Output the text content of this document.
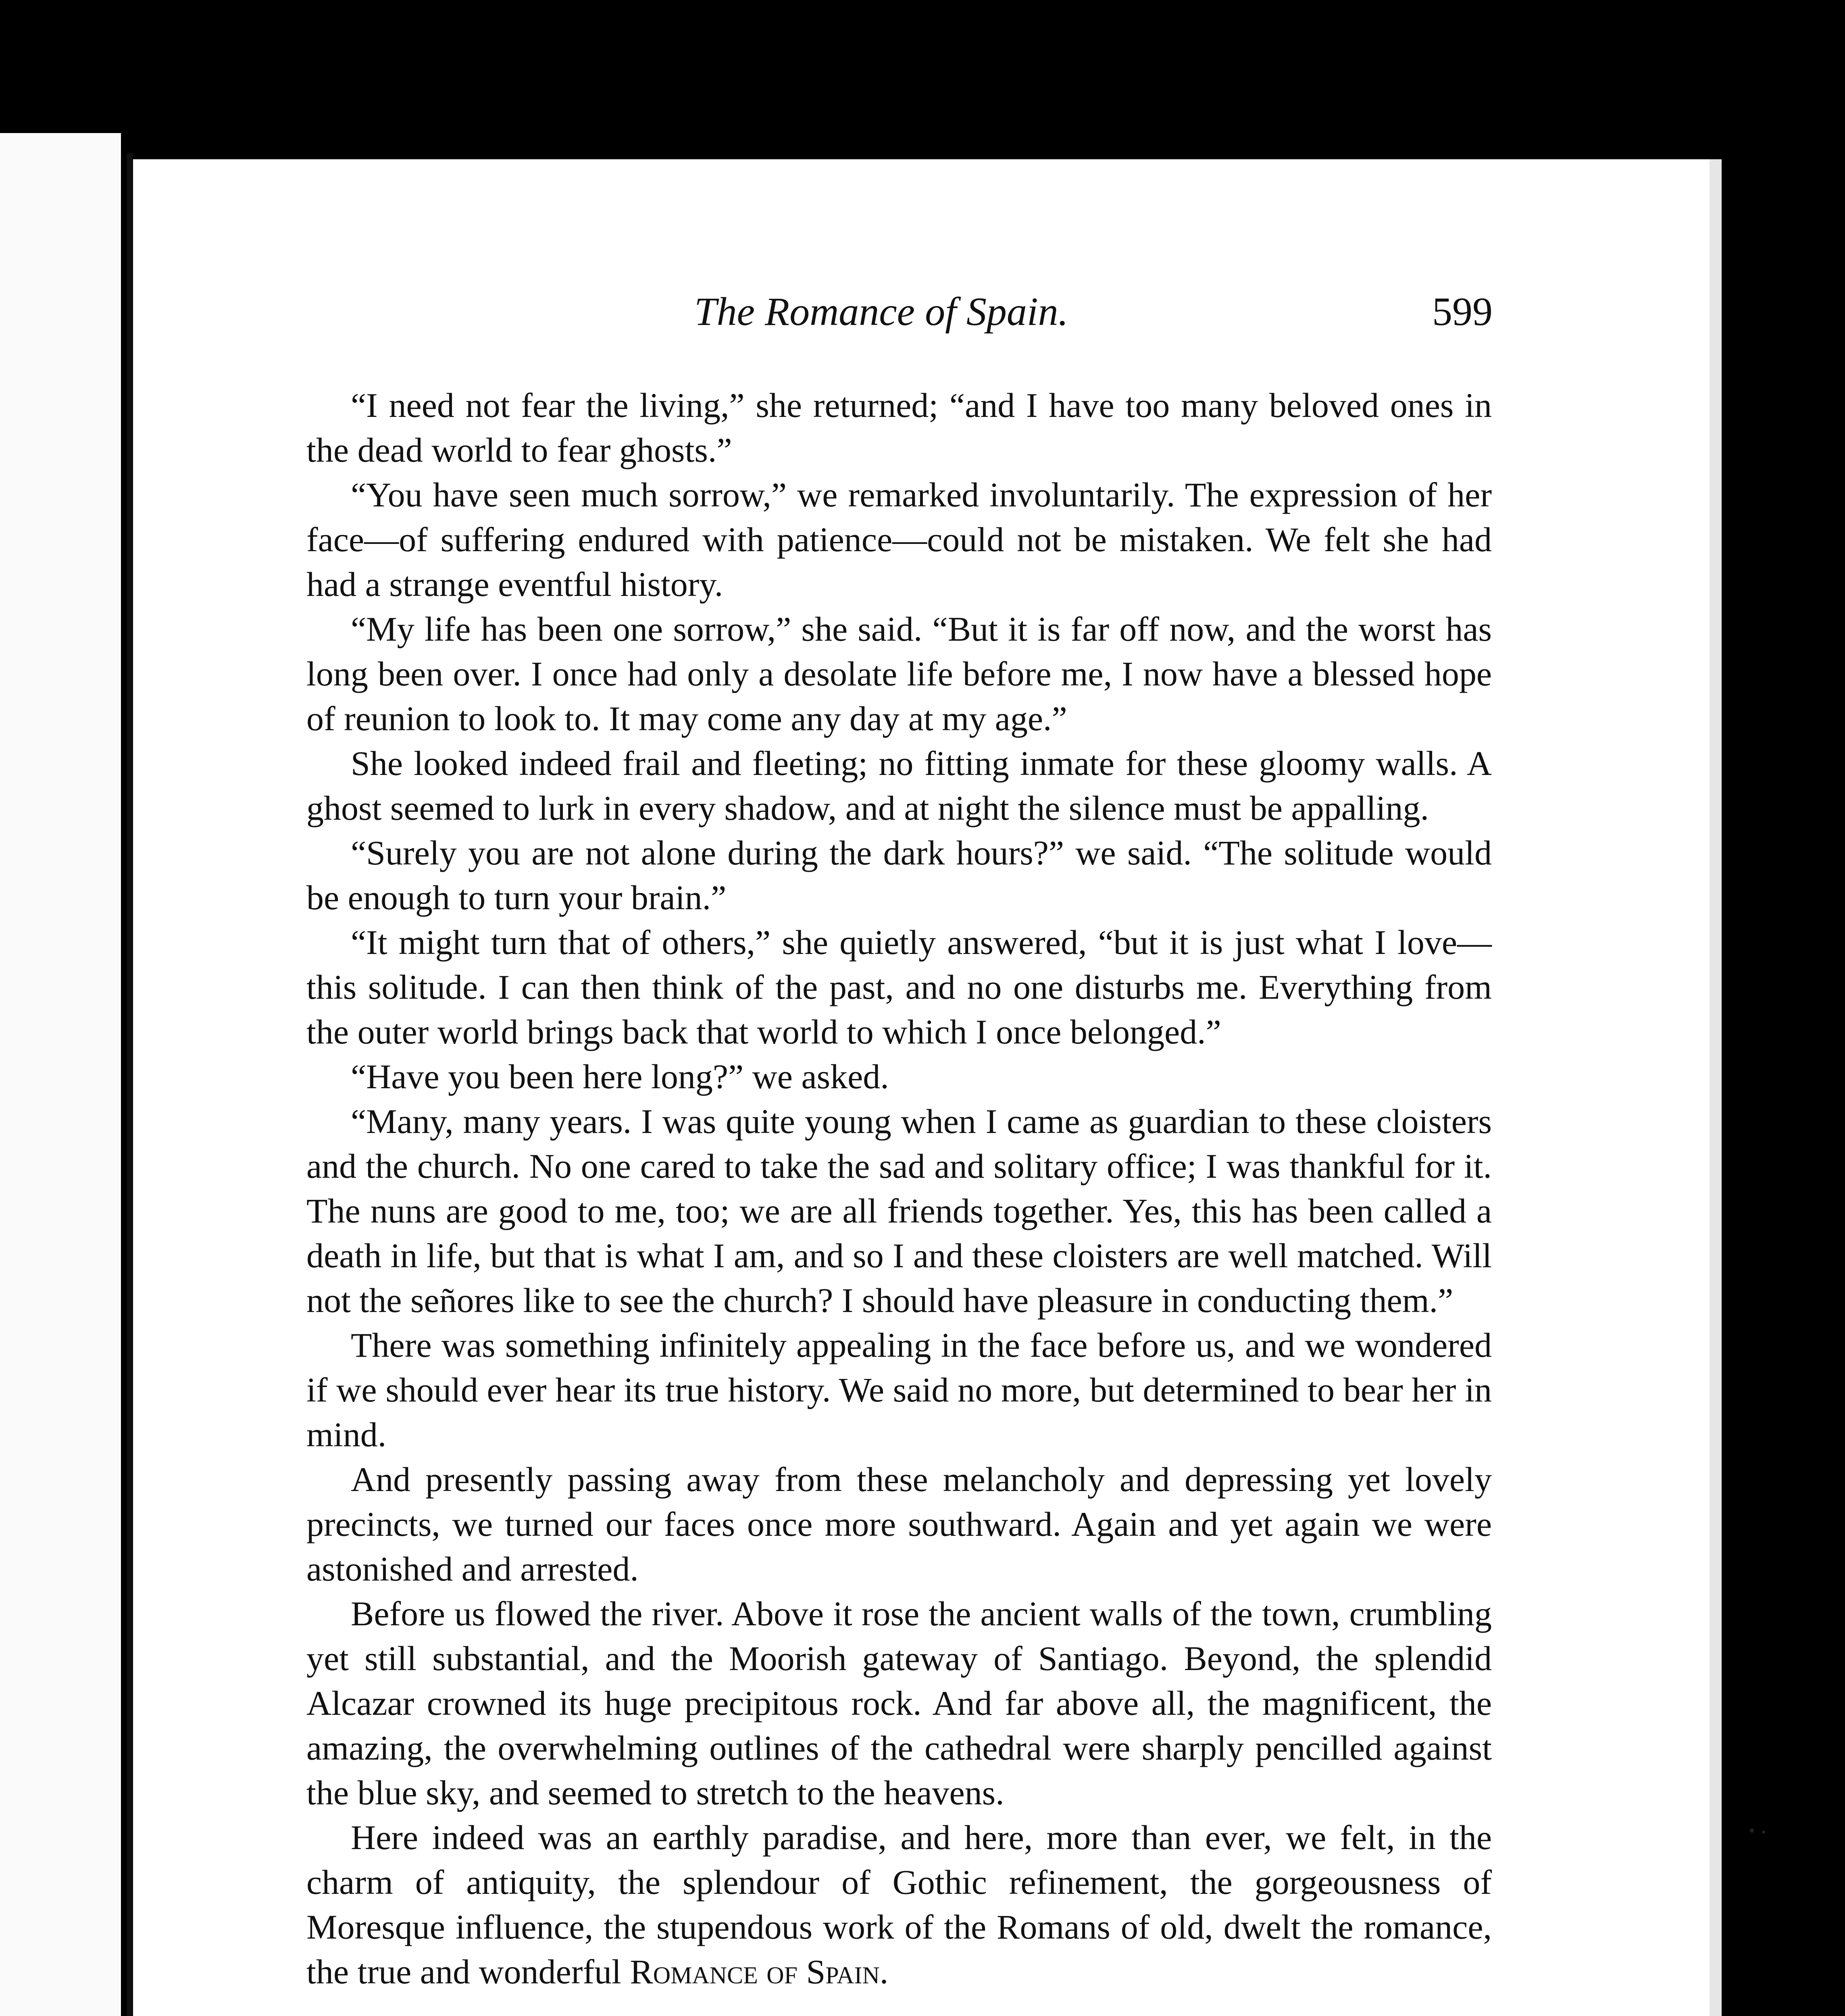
The Romance of Spain.	599

“I need not fear the living,” she returned; “and I have too many beloved ones in the dead world to fear ghosts.”

“You have seen much sorrow,” we remarked involuntarily. The expression of her face—of suffering endured with patience—could not be mistaken. We felt she had had a strange eventful history.

“My life has been one sorrow,” she said. “But it is far off now, and the worst has long been over. I once had only a desolate life before me, I now have a blessed hope of reunion to look to. It may come any day at my age.”

She looked indeed frail and fleeting; no fitting inmate for these gloomy walls. A ghost seemed to lurk in every shadow, and at night the silence must be appalling.

“Surely you are not alone during the dark hours?” we said. “The solitude would be enough to turn your brain.”

“It might turn that of others,” she quietly answered, “but it is just what I love—this solitude. I can then think of the past, and no one disturbs me. Everything from the outer world brings back that world to which I once belonged.”

“Have you been here long?” we asked.

“Many, many years. I was quite young when I came as guardian to these cloisters and the church. No one cared to take the sad and solitary office; I was thankful for it. The nuns are good to me, too; we are all friends together. Yes, this has been called a death in life, but that is what I am, and so I and these cloisters are well matched. Will not the señores like to see the church? I should have pleasure in conducting them.”

There was something infinitely appealing in the face before us, and we wondered if we should ever hear its true history. We said no more, but determined to bear her in mind.

And presently passing away from these melancholy and depressing yet lovely precincts, we turned our faces once more southward. Again and yet again we were astonished and arrested.

Before us flowed the river. Above it rose the ancient walls of the town, crumbling yet still substantial, and the Moorish gateway of Santiago. Beyond, the splendid Alcazar crowned its huge precipitous rock. And far above all, the magnificent, the amazing, the overwhelming outlines of the cathedral were sharply pencilled against the blue sky, and seemed to stretch to the heavens.

Here indeed was an earthly paradise, and here, more than ever, we felt, in the charm of antiquity, the splendour of Gothic refinement, the gorgeousness of Moresque influence, the stupendous work of the Romans of old, dwelt the romance, the true and wonderful Romance of Spain.
